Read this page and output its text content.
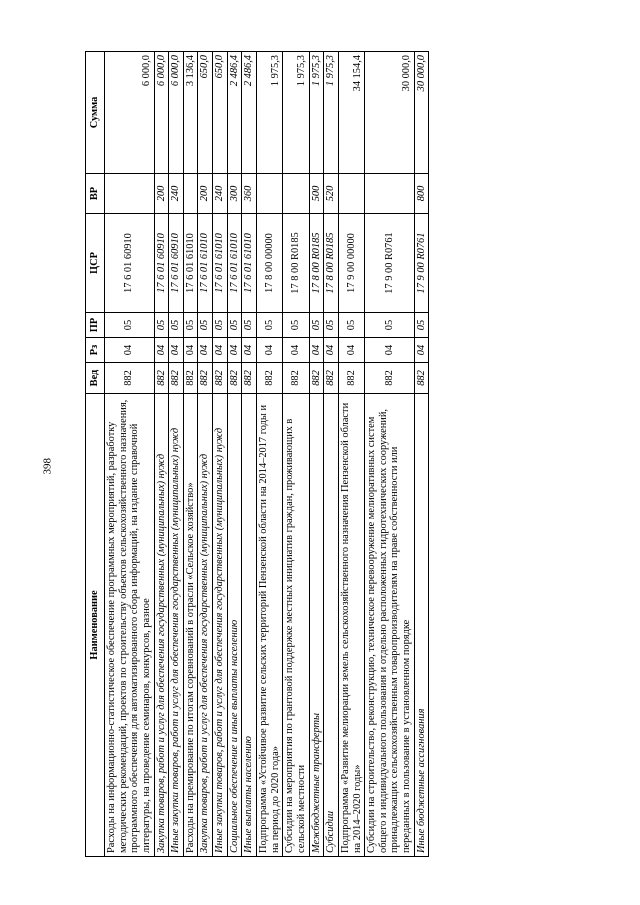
398
Наименование	Вед	Рз	ПР	ЦСР	ВР	Сумма
Расходы на информационно-статистическое обеспечение программных мероприятий, разработку методических рекомендаций, проектов по строительству объектов сельскохозяйственного назначения, программного обеспечения для автоматизированного сбора информаций, на издание справочной литературы, на проведение семинаров, конкурсов, разное	882	04	05	17 6 01 60910		6 000,0
Закупка товаров, работ и услуг для обеспечения государственных (муниципальных) нужд	882	04	05	17 6 01 60910	200	6 000,0
Иные закупки товаров, работ и услуг для обеспечения государственных (муниципальных) нужд	882	04	05	17 6 01 60910	240	6 000,0
Расходы на премирование по итогам соревнований в отрасли «Сельское хозяйство»	882	04	05	17 6 01 61010		3 136,4
Закупка товаров, работ и услуг для обеспечения государственных (муниципальных) нужд	882	04	05	17 6 01 61010	200	650,0
Иные закупки товаров, работ и услуг для обеспечения государственных (муниципальных) нужд	882	04	05	17 6 01 61010	240	650,0
Социальное обеспечение и иные выплаты населению	882	04	05	17 6 01 61010	300	2 486,4
Иные выплаты населению	882	04	05	17 6 01 61010	360	2 486,4
Подпрограмма «Устойчивое развитие сельских территорий Пензенской области на 2014–2017 годы и на период до 2020 года»	882	04	05	17 8 00 00000		1 975,3
Субсидии на мероприятия по грантовой поддержке местных инициатив граждан, проживающих в сельской местности	882	04	05	17 8 00 R0185		1 975,3
Межбюджетные трансферты	882	04	05	17 8 00 R0185	500	1 975,3
Субсидии	882	04	05	17 8 00 R0185	520	1 975,3
Подпрограмма «Развитие мелиорации земель сельскохозяйственного назначения Пензенской области на 2014–2020 годы»	882	04	05	17 9 00 00000		34 154,4
Субсидии на строительство, реконструкцию, техническое перевооружение мелиоративных систем общего и индивидуального пользования и отдельно расположенных гидротехнических сооружений, принадлежащих сельскохозяйственным товаропроизводителям на праве собственности или переданных в пользование в установленном порядке	882	04	05	17 9 00 R0761		30 000,0
Иные бюджетные ассигнования	882	04	05	17 9 00 R0761	800	30 000,0
